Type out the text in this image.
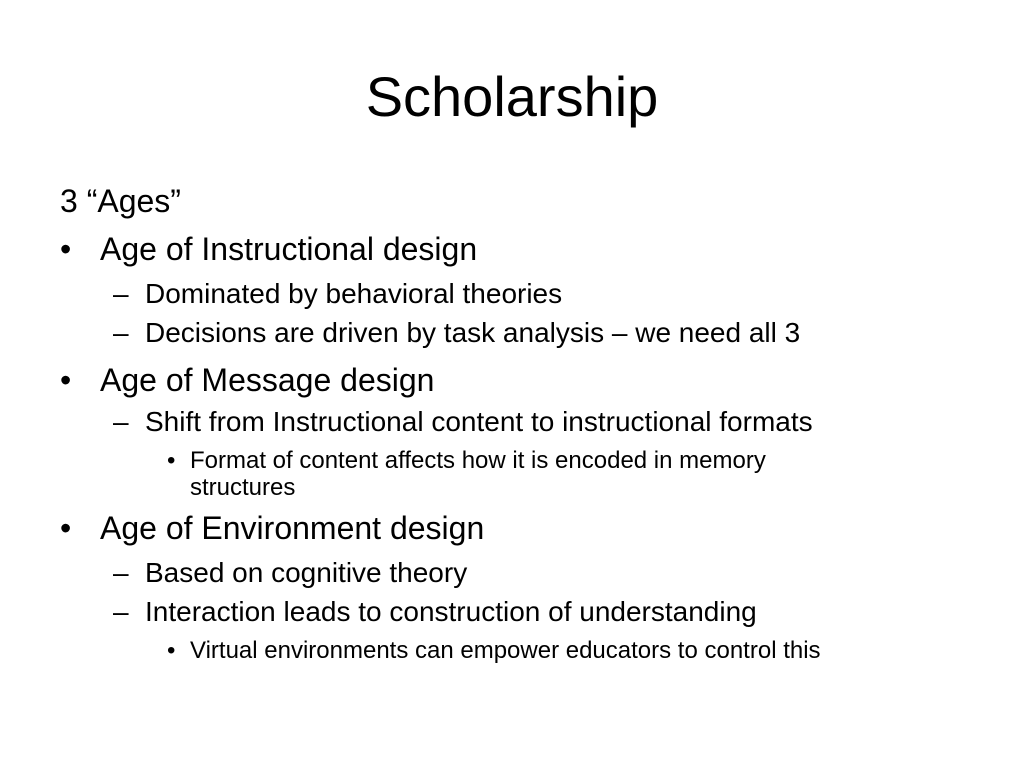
Scholarship
3 “Ages”
• Age of Instructional design
– Dominated by behavioral theories
– Decisions are driven by task analysis – we need all 3
• Age of Message design
– Shift from Instructional content to instructional formats
• Format of content affects how it is encoded in memory
structures
• Age of Environment design
– Based on cognitive theory
– Interaction leads to construction of understanding
• Virtual environments can empower educators to control this
